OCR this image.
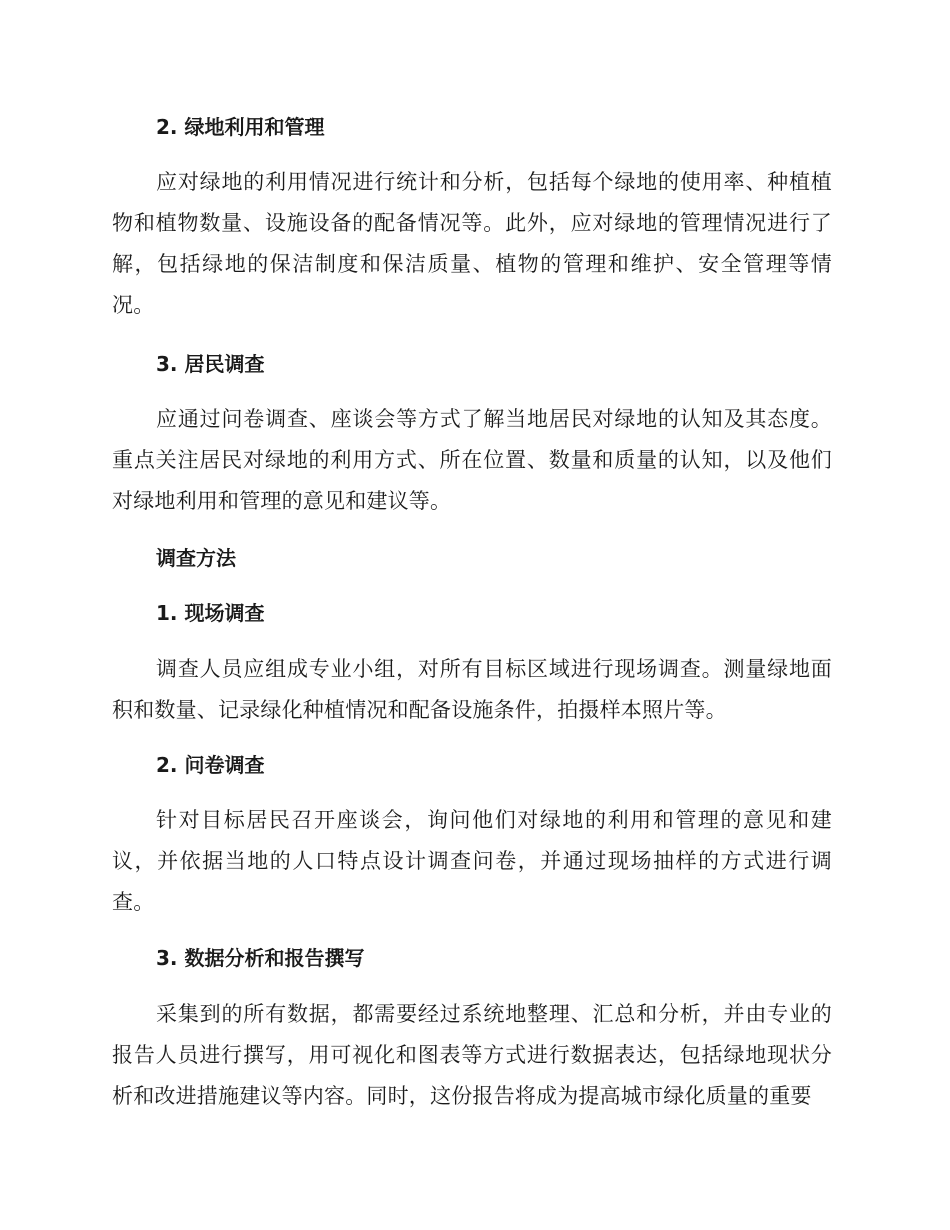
2. 绿地利用和管理
应对绿地的利用情况进行统计和分析，包括每个绿地的使用率、种植植物和植物数量、设施设备的配备情况等。此外，应对绿地的管理情况进行了解，包括绿地的保洁制度和保洁质量、植物的管理和维护、安全管理等情况。
3. 居民调查
应通过问卷调查、座谈会等方式了解当地居民对绿地的认知及其态度。重点关注居民对绿地的利用方式、所在位置、数量和质量的认知，以及他们对绿地利用和管理的意见和建议等。
调查方法
1. 现场调查
调查人员应组成专业小组，对所有目标区域进行现场调查。测量绿地面积和数量、记录绿化种植情况和配备设施条件，拍摄样本照片等。
2. 问卷调查
针对目标居民召开座谈会，询问他们对绿地的利用和管理的意见和建议，并依据当地的人口特点设计调查问卷，并通过现场抽样的方式进行调查。
3. 数据分析和报告撰写
采集到的所有数据，都需要经过系统地整理、汇总和分析，并由专业的报告人员进行撰写，用可视化和图表等方式进行数据表达，包括绿地现状分析和改进措施建议等内容。同时，这份报告将成为提高城市绿化质量的重要
